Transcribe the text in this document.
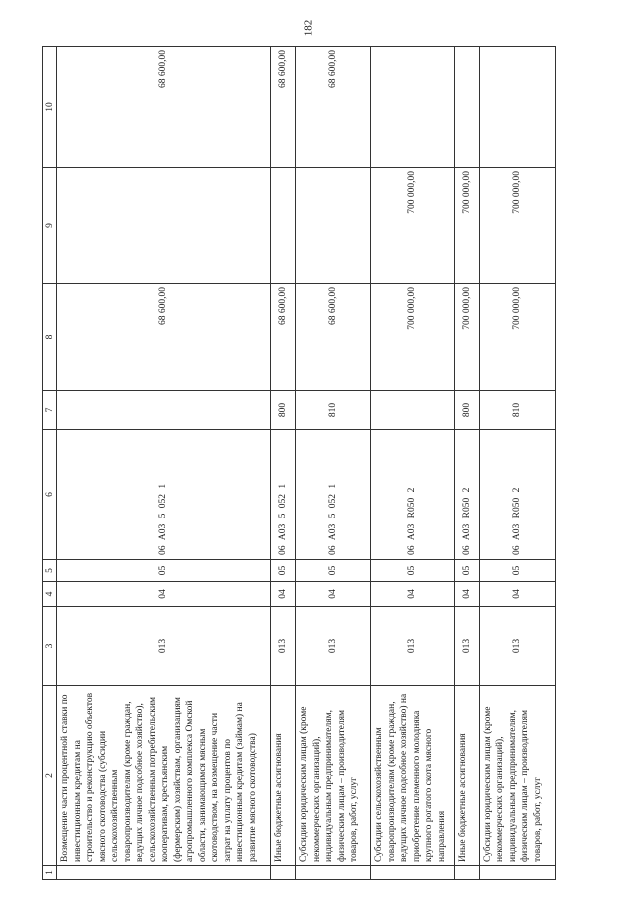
182
1	2	3	4	5	6	7	8	9	10
	Возмещение части процентной ставки по инвестиционным кредитам на строительство и реконструкцию объектов мясного скотоводства (субсидии сельскохозяйственным товаропроизводителям (кроме граждан, ведущих личное подсобное хозяйство), сельскохозяйственным потребительским кооперативам, крестьянским (фермерским) хозяйствам, организациям агропромышленного комплекса Омской области, занимающимся мясным скотоводством, на возмещение части затрат на уплату процентов по инвестиционным кредитам (займам) на развитие мясного скотоводства)	013	04	05	06 А03 5 052 1		68 600,00		68 600,00
	Иные бюджетные ассигнования	013	04	05	06 А03 5 052 1	800	68 600,00		68 600,00
	Субсидии юридическим лицам (кроме некоммерческих организаций), индивидуальным предпринимателям, физическим лицам – производителям товаров, работ, услуг	013	04	05	06 А03 5 052 1	810	68 600,00		68 600,00
	Субсидии сельскохозяйственным товаропроизводителям (кроме граждан, ведущих личное подсобное хозяйство) на приобретение племенного молодняка крупного рогатого скота мясного направления	013	04	05	06 А03 R050 2		700 000,00	700 000,00	
	Иные бюджетные ассигнования	013	04	05	06 А03 R050 2	800	700 000,00	700 000,00	
	Субсидии юридическим лицам (кроме некоммерческих организаций), индивидуальным предпринимателям, физическим лицам – производителям товаров, работ, услуг	013	04	05	06 А03 R050 2	810	700 000,00	700 000,00	
